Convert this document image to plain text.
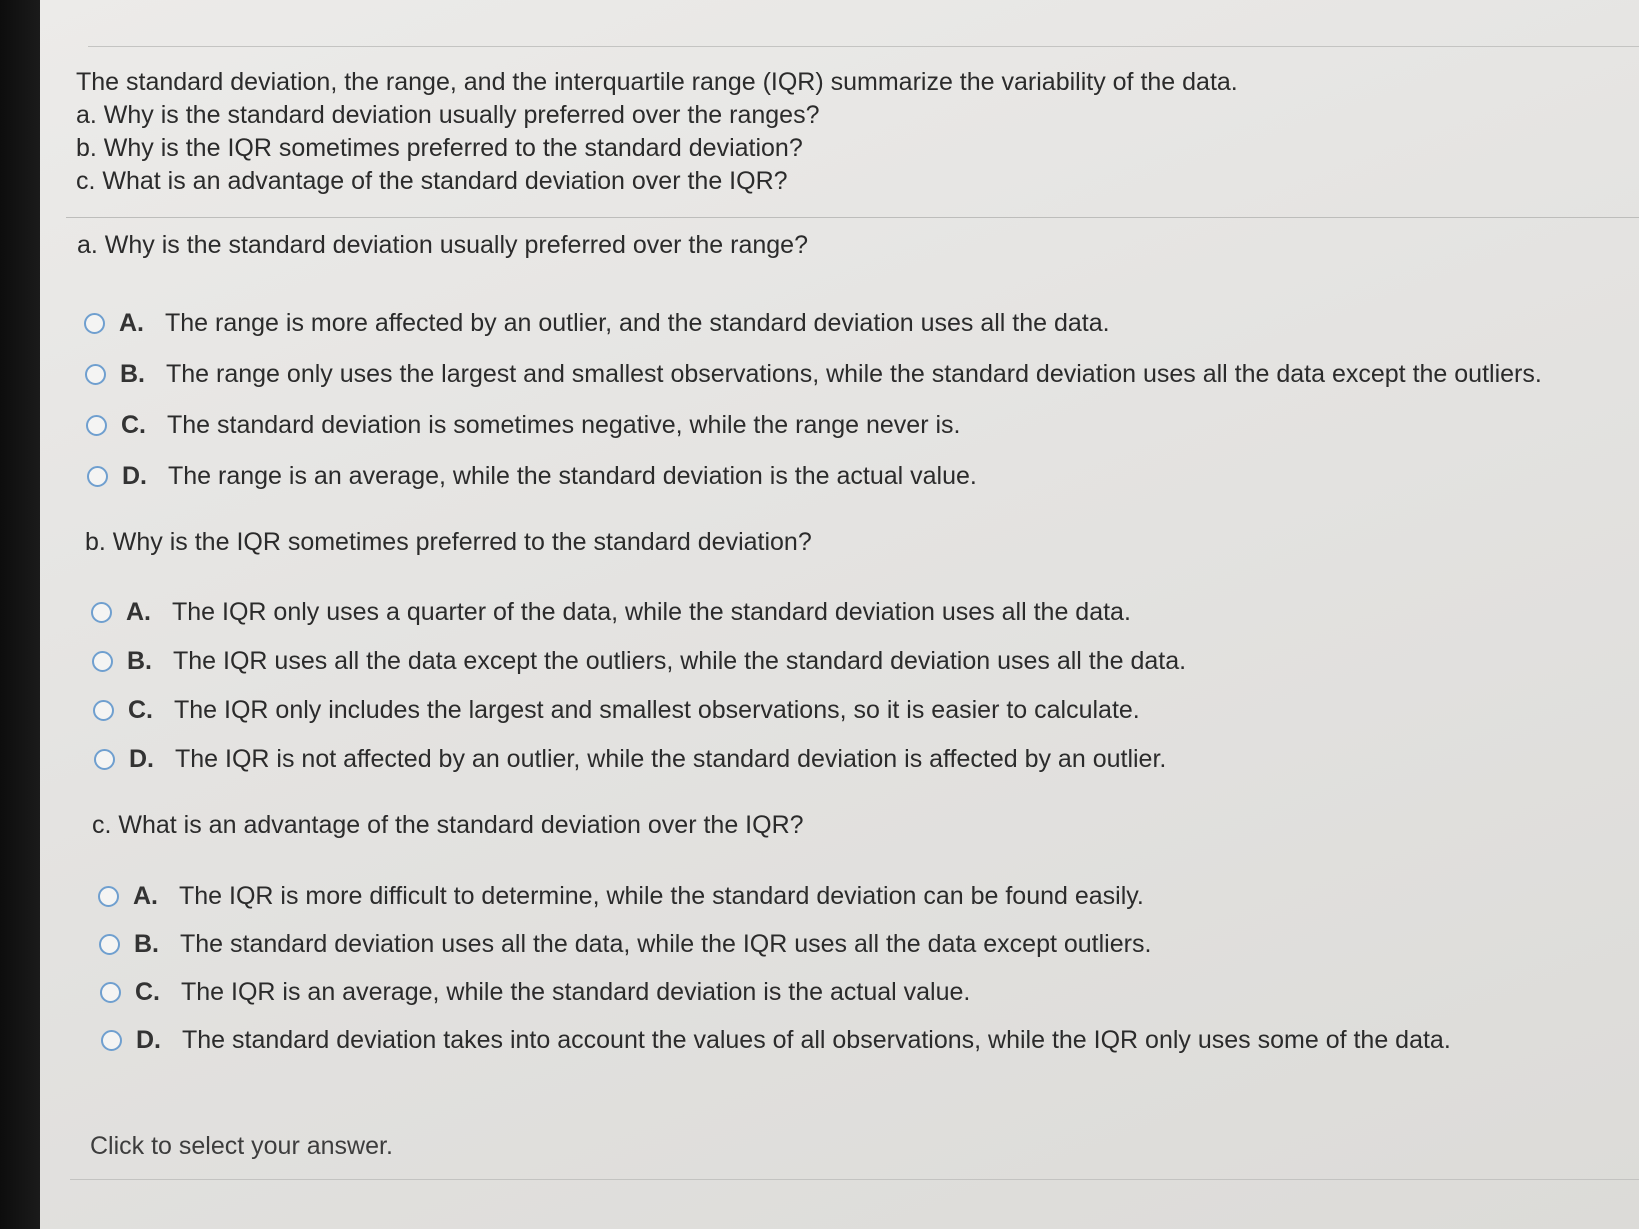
The standard deviation, the range, and the interquartile range (IQR) summarize the variability of the data.
a. Why is the standard deviation usually preferred over the ranges?
b. Why is the IQR sometimes preferred to the standard deviation?
c. What is an advantage of the standard deviation over the IQR?
a. Why is the standard deviation usually preferred over the range?
A. The range is more affected by an outlier, and the standard deviation uses all the data.
B. The range only uses the largest and smallest observations, while the standard deviation uses all the data except the outliers.
C. The standard deviation is sometimes negative, while the range never is.
D. The range is an average, while the standard deviation is the actual value.
b. Why is the IQR sometimes preferred to the standard deviation?
A. The IQR only uses a quarter of the data, while the standard deviation uses all the data.
B. The IQR uses all the data except the outliers, while the standard deviation uses all the data.
C. The IQR only includes the largest and smallest observations, so it is easier to calculate.
D. The IQR is not affected by an outlier, while the standard deviation is affected by an outlier.
c. What is an advantage of the standard deviation over the IQR?
A. The IQR is more difficult to determine, while the standard deviation can be found easily.
B. The standard deviation uses all the data, while the IQR uses all the data except outliers.
C. The IQR is an average, while the standard deviation is the actual value.
D. The standard deviation takes into account the values of all observations, while the IQR only uses some of the data.
Click to select your answer.
